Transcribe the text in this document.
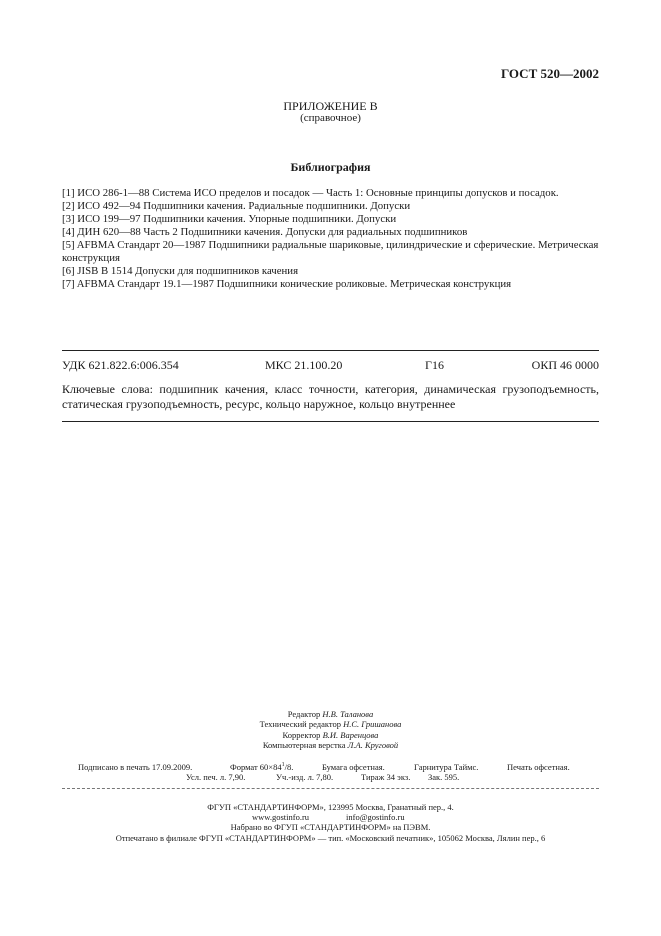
ГОСТ 520—2002
ПРИЛОЖЕНИЕ В
(справочное)
Библиография

[1] ИСО 286-1—88 Система ИСО пределов и посадок — Часть 1: Основные принципы допусков и посадок.

[2] ИСО 492—94 Подшипники качения. Радиальные подшипники. Допуски

[3] ИСО 199—97 Подшипники качения. Упорные подшипники. Допуски

[4] ДИН 620—88 Часть 2 Подшипники качения. Допуски для радиальных подшипников

[5] AFBMA Стандарт 20—1987 Подшипники радиальные шариковые, цилиндрические и сферические. Метрическая конструкция

[6] JISB В 1514 Допуски для подшипников качения

[7] AFBMA Стандарт 19.1—1987 Подшипники конические роликовые. Метрическая конструкция

УДК 621.822.6:006.354	МКС 21.100.20	Г16	ОКП 46 0000
Ключевые слова: подшипник качения, класс точности, категория, динамическая грузоподъемность, статическая грузоподъемность, ресурс, кольцо наружное, кольцо внутреннее
Редактор Н.В. Таланова
Технический редактор Н.С. Гришанова
Корректор В.И. Варенцова
Компьютерная верстка Л.А. Круговой
Подписано в печать 17.09.2009.	Формат $60\times 84^1/8$.	Бумага офсетная.	Гарнитура Таймс.	Печать офсетная.
Усл. печ. л. 7,90.	Уч.-изд. л. 7,80.	Тираж 34 экз. Зак. 595.
ФГУП «СТАНДАРТИНФОРМ», 123995 Москва, Гранатный пер., 4.
www.gostinfo.ru	info@gostinfo.ru
Набрано во ФГУП «СТАНДАРТИНФОРМ» на ПЭВМ.
Отпечатано в филиале ФГУП «СТАНДАРТИНФОРМ» — тип. «Московский печатник», 105062 Москва, Лялин пер., 6
